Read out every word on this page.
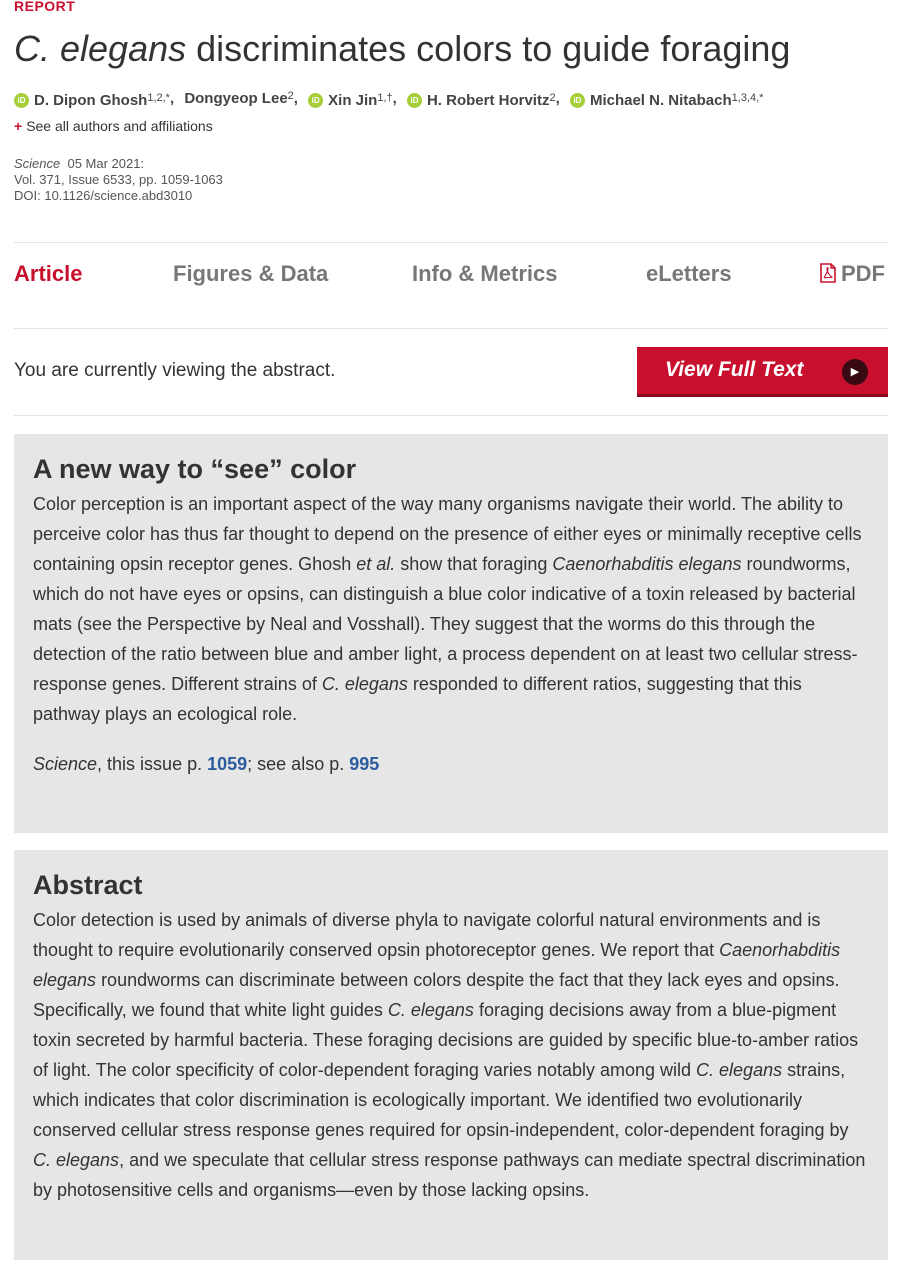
REPORT
C. elegans discriminates colors to guide foraging
iD D. Dipon Ghosh$^{1,2,*}$ , Dongyeop Lee$^2$ ,	iD Xin Jin$^{1,\dagger}$ ,	iD H. Robert Horvitz$^2$ ,	iD Michael N. Nitabach$^{1,3,4,*}$
+ See all authors and affiliations
Science 05 Mar 2021:
Vol. 371, Issue 6533, pp. 1059-1063
DOI: 10.1126/science.abd3010
Article	Figures & Data	Info & Metrics	eLetters	PDF
You are currently viewing the abstract.	View Full Text	▶
A new way to “see” color

Color perception is an important aspect of the way many organisms navigate their world. The ability to perceive color has thus far thought to depend on the presence of either eyes or minimally receptive cells containing opsin receptor genes. Ghosh et al. show that foraging Caenorhabditis elegans roundworms, which do not have eyes or opsins, can distinguish a blue color indicative of a toxin released by bacterial mats (see the Perspective by Neal and Vosshall). They suggest that the worms do this through the detection of the ratio between blue and amber light, a process dependent on at least two cellular stress-response genes. Different strains of C. elegans responded to different ratios, suggesting that this pathway plays an ecological role.

Science, this issue p. 1059; see also p. 995

Abstract

Color detection is used by animals of diverse phyla to navigate colorful natural environments and is thought to require evolutionarily conserved opsin photoreceptor genes. We report that Caenorhabditis elegans roundworms can discriminate between colors despite the fact that they lack eyes and opsins. Specifically, we found that white light guides C. elegans foraging decisions away from a blue-pigment toxin secreted by harmful bacteria. These foraging decisions are guided by specific blue-to-amber ratios of light. The color specificity of color-dependent foraging varies notably among wild C. elegans strains, which indicates that color discrimination is ecologically important. We identified two evolutionarily conserved cellular stress response genes required for opsin-independent, color-dependent foraging by C. elegans, and we speculate that cellular stress response pathways can mediate spectral discrimination by photosensitive cells and organisms—even by those lacking opsins.
